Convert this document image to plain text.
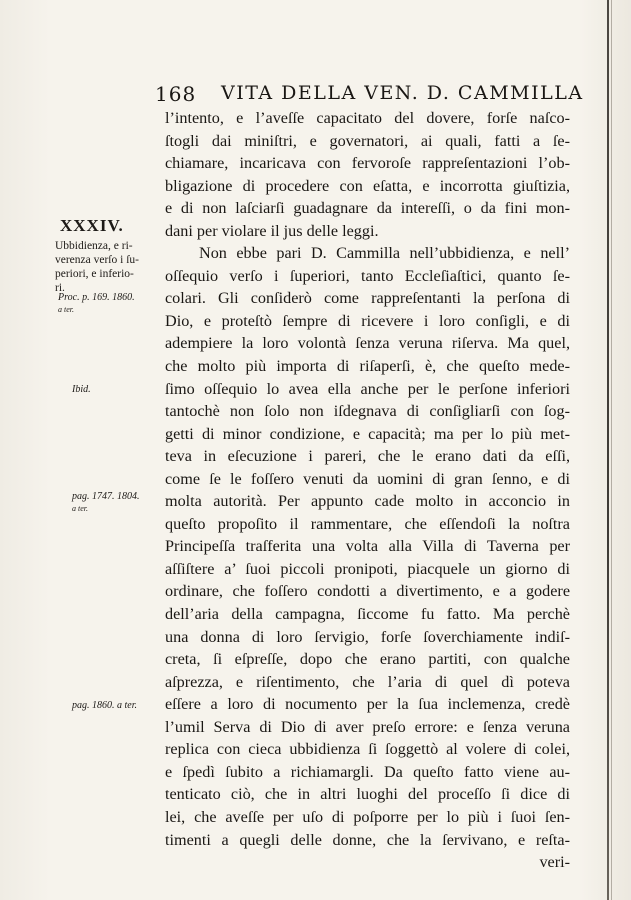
168 VITA DELLA VEN. D. CAMMILLA
XXXIV.
Ubbidienza, e ri-
verenza verſo i ſu-
periori, e inferio-
ri.
Proc. p. 169. 1860.
a ter.
Ibid.
pag. 1747. 1804.
a ter.
pag. 1860. a ter.
l’intento, e l’aveſſe capacitato del dovere, forſe naſco-
ſtogli dai miniſtri, e governatori, ai quali, fatti a ſe-
chiamare, incaricava con fervoroſe rappreſentazioni l’ob-
bligazione di procedere con eſatta, e incorrotta giuſtizia,
e di non laſciarſi guadagnare da intereſſi, o da fini mon-
dani per violare il jus delle leggi.
Non ebbe pari D. Cammilla nell’ubbidienza, e nell’
oſſequio verſo i ſuperiori, tanto Eccleſiaſtici, quanto ſe-
colari. Gli conſiderò come rappreſentanti la perſona di
Dio, e proteſtò ſempre di ricevere i loro conſigli, e di
adempiere la loro volontà ſenza veruna riſerva. Ma quel,
che molto più importa di riſaperſi, è, che queſto mede-
ſimo oſſequio lo avea ella anche per le perſone inferiori
tantochè non ſolo non iſdegnava di conſigliarſi con ſog-
getti di minor condizione, e capacità; ma per lo più met-
teva in eſecuzione i pareri, che le erano dati da eſſi,
come ſe le foſſero venuti da uomini di gran ſenno, e di
molta autorità. Per appunto cade molto in acconcio in
queſto propoſito il rammentare, che eſſendoſi la noſtra
Principeſſa traſferita una volta alla Villa di Taverna per
aſſiſtere a’ ſuoi piccoli pronipoti, piacquele un giorno di
ordinare, che foſſero condotti a divertimento, e a godere
dell’aria della campagna, ſiccome fu fatto. Ma perchè
una donna di loro ſervigio, forſe ſoverchiamente indiſ-
creta, ſi eſpreſſe, dopo che erano partiti, con qualche
aſprezza, e riſentimento, che l’aria di quel dì poteva
eſſere a loro di nocumento per la ſua inclemenza, credè
l’umil Serva di Dio di aver preſo errore: e ſenza veruna
replica con cieca ubbidienza ſi ſoggettò al volere di colei,
e ſpedì ſubito a richiamargli. Da queſto fatto viene au-
tenticato ciò, che in altri luoghi del proceſſo ſi dice di
lei, che aveſſe per uſo di poſporre per lo più i ſuoi ſen-
timenti a quegli delle donne, che la ſervivano, e reſta-
veri-
